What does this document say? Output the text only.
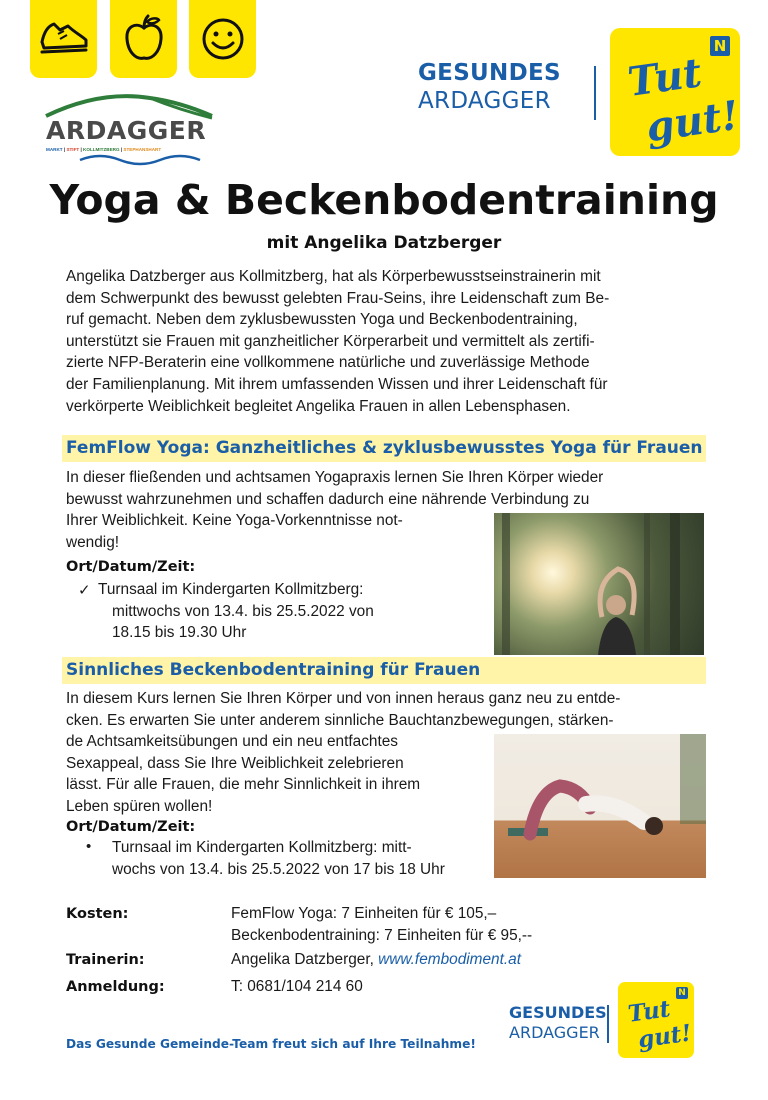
ARDAGGER
MARKT | STIFT | KOLLMITZBERG | STEPHANSHART
GESUNDES
ARDAGGER
N
Tut
gut!
Yoga & Beckenbodentraining
mit Angelika Datzberger
Angelika Datzberger aus Kollmitzberg, hat als Körperbewusstseinstrainerin mit
dem Schwerpunkt des bewusst gelebten Frau-Seins, ihre Leidenschaft zum Be-
ruf gemacht. Neben dem zyklusbewussten Yoga und Beckenbodentraining,
unterstützt sie Frauen mit ganzheitlicher Körperarbeit und vermittelt als zertifi-
zierte NFP-Beraterin eine vollkommene natürliche und zuverlässige Methode
der Familienplanung. Mit ihrem umfassenden Wissen und ihrer Leidenschaft für
verkörperte Weiblichkeit begleitet Angelika Frauen in allen Lebensphasen.
FemFlow Yoga: Ganzheitliches & zyklusbewusstes Yoga für Frauen
In dieser fließenden und achtsamen Yogapraxis lernen Sie Ihren Körper wieder
bewusst wahrzunehmen und schaffen dadurch eine nährende Verbindung zu
Ihrer Weiblichkeit. Keine Yoga-Vorkenntnisse not-
wendig!
Ort/Datum/Zeit:
✓ Turnsaal im Kindergarten Kollmitzberg:
mittwochs von 13.4. bis 25.5.2022 von
18.15 bis 19.30 Uhr
Sinnliches Beckenbodentraining für Frauen
In diesem Kurs lernen Sie Ihren Körper und von innen heraus ganz neu zu entde-
cken. Es erwarten Sie unter anderem sinnliche Bauchtanzbewegungen, stärken-
de Achtsamkeitsübungen und ein neu entfachtes
Sexappeal, dass Sie Ihre Weiblichkeit zelebrieren
lässt. Für alle Frauen, die mehr Sinnlichkeit in ihrem
Leben spüren wollen!
Ort/Datum/Zeit:
• Turnsaal im Kindergarten Kollmitzberg: mitt-
wochs von 13.4. bis 25.5.2022 von 17 bis 18 Uhr
Kosten:	FemFlow Yoga: 7 Einheiten für € 105,–
Beckenbodentraining: 7 Einheiten für € 95,--
Trainerin:	Angelika Datzberger, www.fembodiment.at
Anmeldung:	T: 0681/104 214 60
GESUNDES
ARDAGGER
N
Tut
gut!
Das Gesunde Gemeinde-Team freut sich auf Ihre Teilnahme!
